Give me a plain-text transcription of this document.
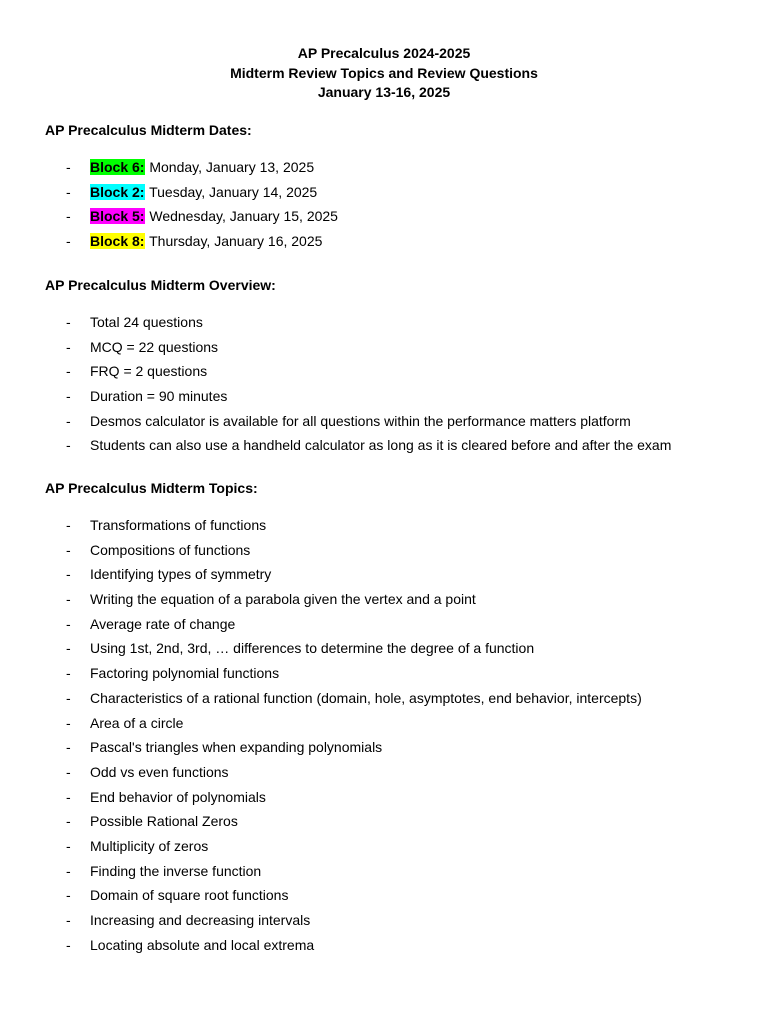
AP Precalculus 2024-2025
Midterm Review Topics and Review Questions
January 13-16, 2025
AP Precalculus Midterm Dates:
- Block 6: Monday, January 13, 2025
- Block 2: Tuesday, January 14, 2025
- Block 5: Wednesday, January 15, 2025
- Block 8: Thursday, January 16, 2025
AP Precalculus Midterm Overview:
- Total 24 questions
- MCQ = 22 questions
- FRQ = 2 questions
- Duration = 90 minutes
- Desmos calculator is available for all questions within the performance matters platform
- Students can also use a handheld calculator as long as it is cleared before and after the exam
AP Precalculus Midterm Topics:
- Transformations of functions
- Compositions of functions
- Identifying types of symmetry
- Writing the equation of a parabola given the vertex and a point
- Average rate of change
- Using 1st, 2nd, 3rd, … differences to determine the degree of a function
- Factoring polynomial functions
- Characteristics of a rational function (domain, hole, asymptotes, end behavior, intercepts)
- Area of a circle
- Pascal's triangles when expanding polynomials
- Odd vs even functions
- End behavior of polynomials
- Possible Rational Zeros
- Multiplicity of zeros
- Finding the inverse function
- Domain of square root functions
- Increasing and decreasing intervals
- Locating absolute and local extrema
